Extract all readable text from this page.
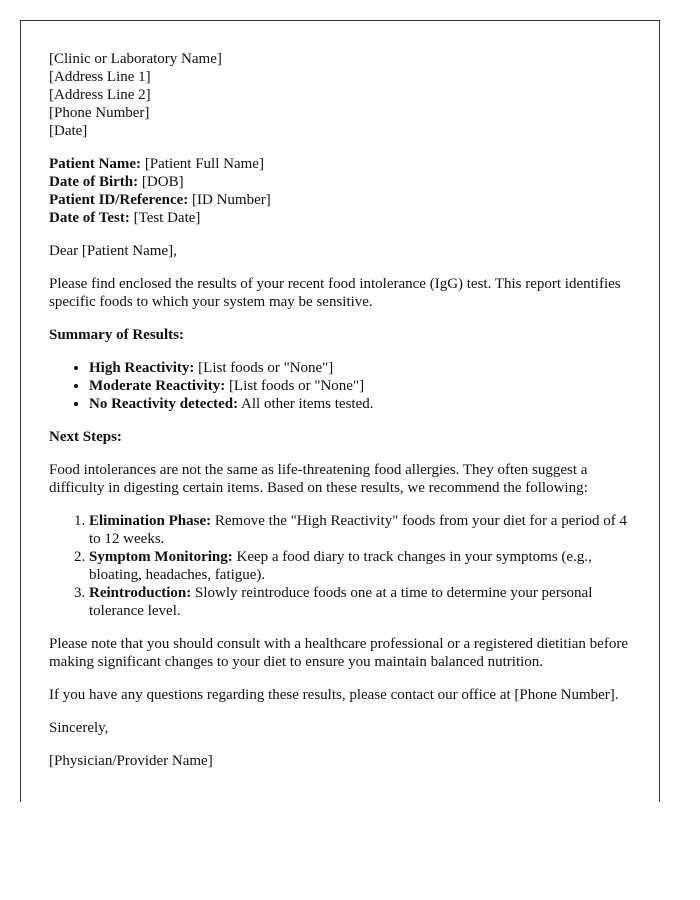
[Clinic or Laboratory Name]
[Address Line 1]
[Address Line 2]
[Phone Number]
[Date]
Patient Name: [Patient Full Name]
Date of Birth: [DOB]
Patient ID/Reference: [ID Number]
Date of Test: [Test Date]

Dear [Patient Name],

Please find enclosed the results of your recent food intolerance (IgG) test. This report identifies specific foods to which your system may be sensitive.

Summary of Results:

• High Reactivity: [List foods or "None"]
• Moderate Reactivity: [List foods or "None"]
• No Reactivity detected: All other items tested.

Next Steps:

Food intolerances are not the same as life-threatening food allergies. They often suggest a difficulty in digesting certain items. Based on these results, we recommend the following:

1. Elimination Phase: Remove the "High Reactivity" foods from your diet for a period of 4 to 12 weeks.
2. Symptom Monitoring: Keep a food diary to track changes in your symptoms (e.g., bloating, headaches, fatigue).
3. Reintroduction: Slowly reintroduce foods one at a time to determine your personal tolerance level.

Please note that you should consult with a healthcare professional or a registered dietitian before making significant changes to your diet to ensure you maintain balanced nutrition.

If you have any questions regarding these results, please contact our office at [Phone Number].

Sincerely,

[Physician/Provider Name]
